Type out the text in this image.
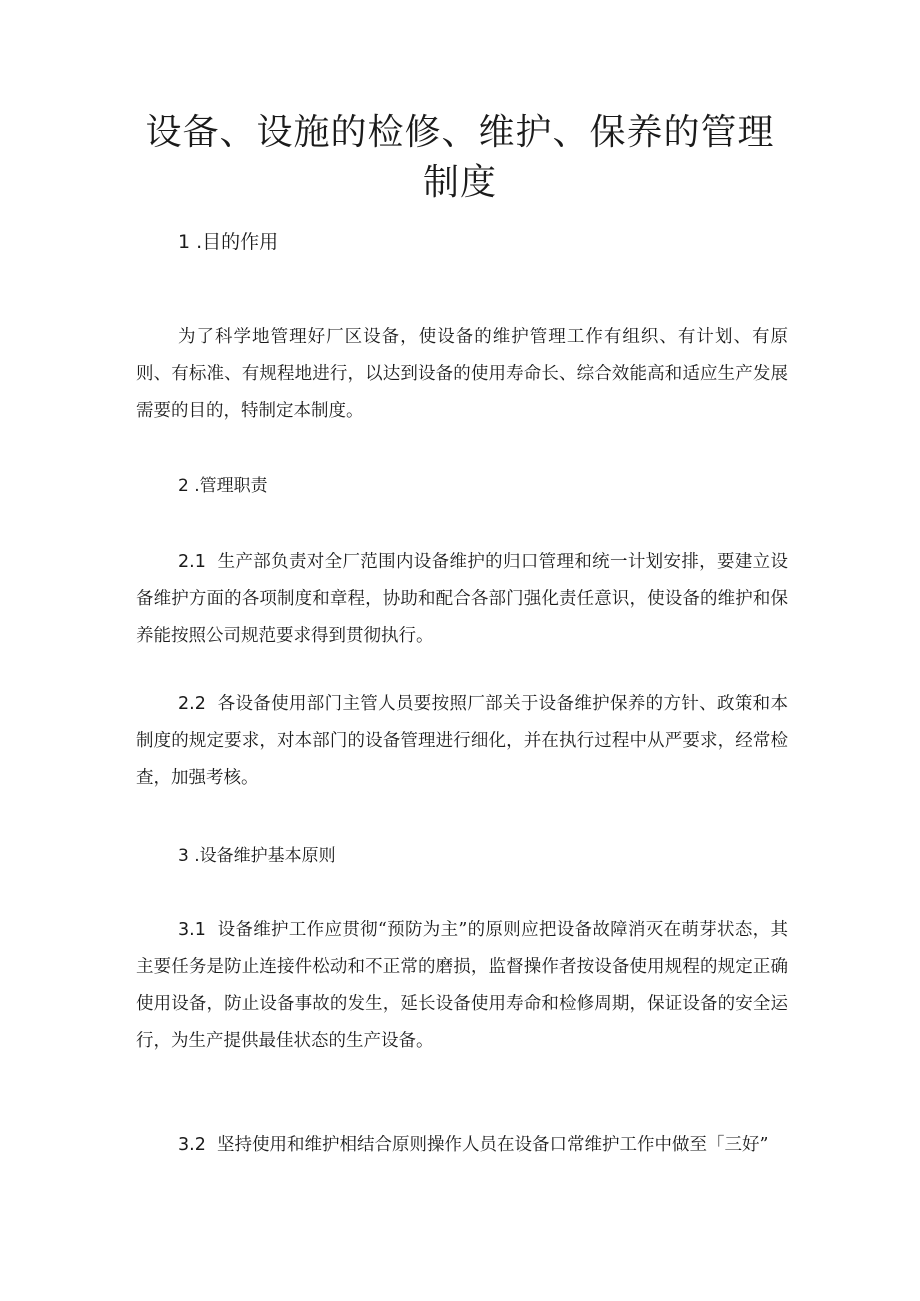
设备、设施的检修、维护、保养的管理制度
1 .目的作用

为了科学地管理好厂区设备，使设备的维护管理工作有组织、有计划、有原则、有标准、有规程地进行，以达到设备的使用寿命长、综合效能高和适应生产发展需要的目的，特制定本制度。

2 .管理职责

2.1 生产部负责对全厂范围内设备维护的归口管理和统一计划安排，要建立设备维护方面的各项制度和章程，协助和配合各部门强化责任意识，使设备的维护和保养能按照公司规范要求得到贯彻执行。

2.2 各设备使用部门主管人员要按照厂部关于设备维护保养的方针、政策和本制度的规定要求，对本部门的设备管理进行细化，并在执行过程中从严要求，经常检查，加强考核。

3 .设备维护基本原则

3.1 设备维护工作应贯彻“预防为主”的原则应把设备故障消灭在萌芽状态，其主要任务是防止连接件松动和不正常的磨损，监督操作者按设备使用规程的规定正确使用设备，防止设备事故的发生，延长设备使用寿命和检修周期，保证设备的安全运行，为生产提供最佳状态的生产设备。

3.2 坚持使用和维护相结合原则操作人员在设备口常维护工作中做至「三好”
